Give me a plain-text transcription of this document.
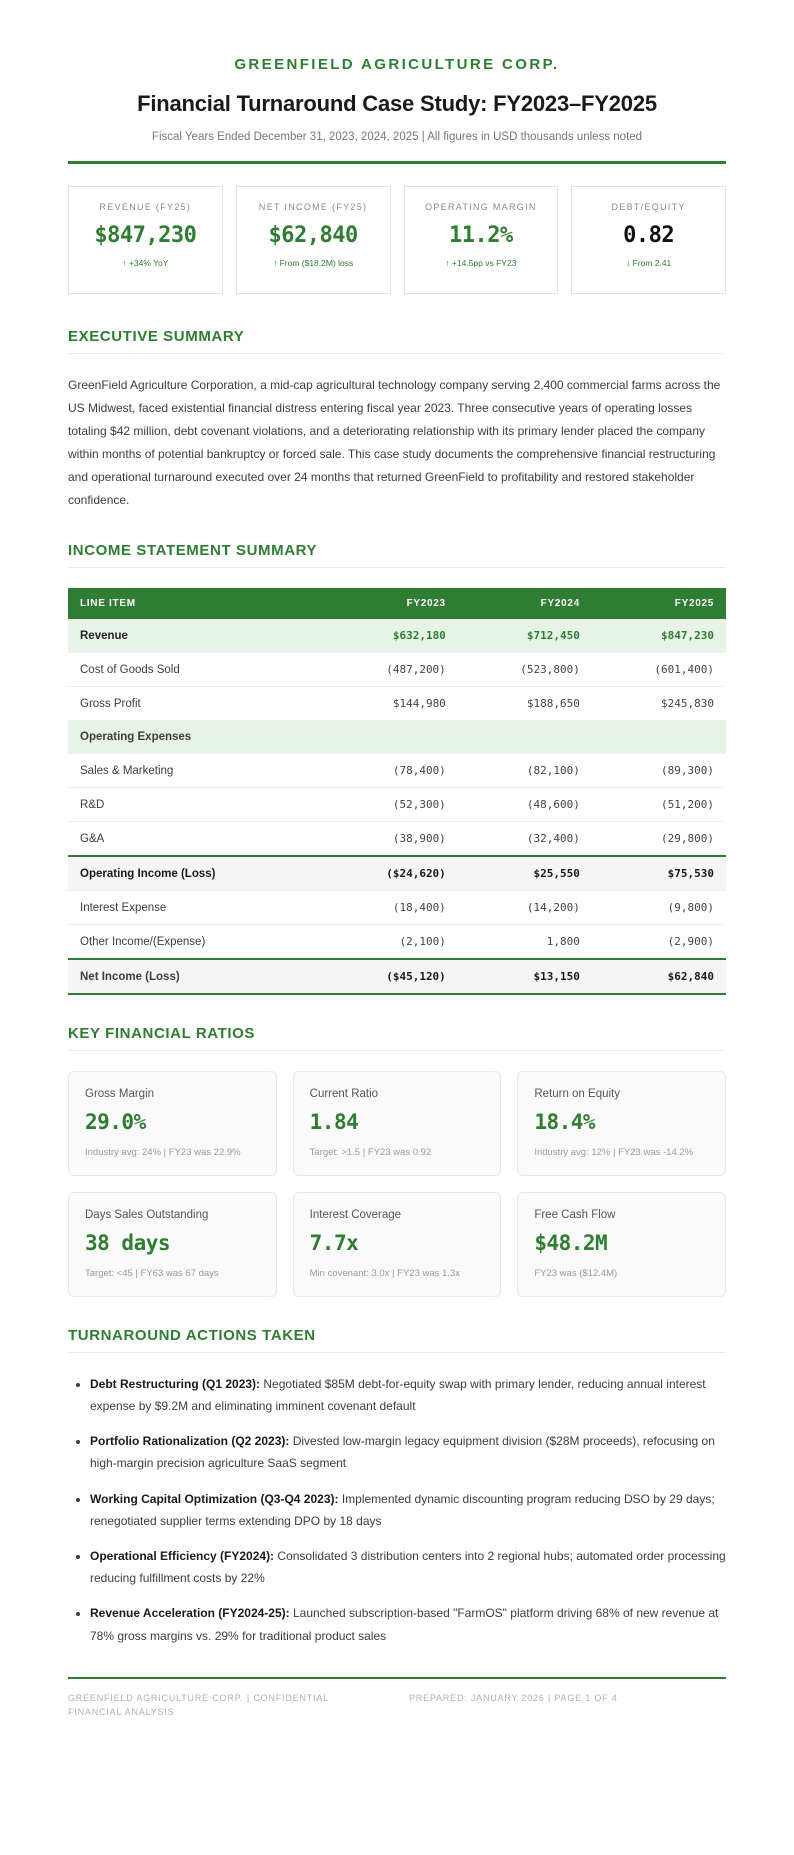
GREENFIELD AGRICULTURE CORP.
Financial Turnaround Case Study: FY2023–FY2025
Fiscal Years Ended December 31, 2023, 2024, 2025 | All figures in USD thousands unless noted
REVENUE (FY25)
$847,230
↑ +34% YoY
NET INCOME (FY25)
$62,840
↑ From ($18.2M) loss
OPERATING MARGIN
11.2%
↑ +14.5pp vs FY23
DEBT/EQUITY
0.82
↓ From 2.41
EXECUTIVE SUMMARY

GreenField Agriculture Corporation, a mid-cap agricultural technology company serving 2,400 commercial farms across the US Midwest, faced existential financial distress entering fiscal year 2023. Three consecutive years of operating losses totaling $42 million, debt covenant violations, and a deteriorating relationship with its primary lender placed the company within months of potential bankruptcy or forced sale. This case study documents the comprehensive financial restructuring and operational turnaround executed over 24 months that returned GreenField to profitability and restored stakeholder confidence.

INCOME STATEMENT SUMMARY
LINE ITEM	FY2023	FY2024	FY2025
Revenue	$632,180	$712,450	$847,230
Cost of Goods Sold	(487,200)	(523,800)	(601,400)
Gross Profit	$144,980	$188,650	$245,830
Operating Expenses			
Sales & Marketing	(78,400)	(82,100)	(89,300)
R&D	(52,300)	(48,600)	(51,200)
G&A	(38,900)	(32,400)	(29,800)
Operating Income (Loss)	($24,620)	$25,550	$75,530
Interest Expense	(18,400)	(14,200)	(9,800)
Other Income/(Expense)	(2,100)	1,800	(2,900)
Net Income (Loss)	($45,120)	$13,150	$62,840
KEY FINANCIAL RATIOS
Gross Margin
29.0%
Industry avg: 24% | FY23 was 22.9%
Current Ratio
1.84
Target: >1.5 | FY23 was 0.92
Return on Equity
18.4%
Industry avg: 12% | FY23 was -14.2%
Days Sales Outstanding
38 days
Target: <45 | FY63 was 67 days
Interest Coverage
7.7x
Min covenant: 3.0x | FY23 was 1.3x
Free Cash Flow
$48.2M
FY23 was ($12.4M)
TURNAROUND ACTIONS TAKEN
• Debt Restructuring (Q1 2023): Negotiated $85M debt-for-equity swap with primary lender, reducing annual interest expense by $9.2M and eliminating imminent covenant default
• Portfolio Rationalization (Q2 2023): Divested low-margin legacy equipment division ($28M proceeds), refocusing on high-margin precision agriculture SaaS segment
• Working Capital Optimization (Q3-Q4 2023): Implemented dynamic discounting program reducing DSO by 29 days; renegotiated supplier terms extending DPO by 18 days
• Operational Efficiency (FY2024): Consolidated 3 distribution centers into 2 regional hubs; automated order processing reducing fulfillment costs by 22%
• Revenue Acceleration (FY2024-25): Launched subscription-based "FarmOS" platform driving 68% of new revenue at 78% gross margins vs. 29% for traditional product sales
GREENFIELD AGRICULTURE CORP. | CONFIDENTIAL FINANCIAL ANALYSIS
PREPARED: JANUARY 2026 | PAGE 1 OF 4
